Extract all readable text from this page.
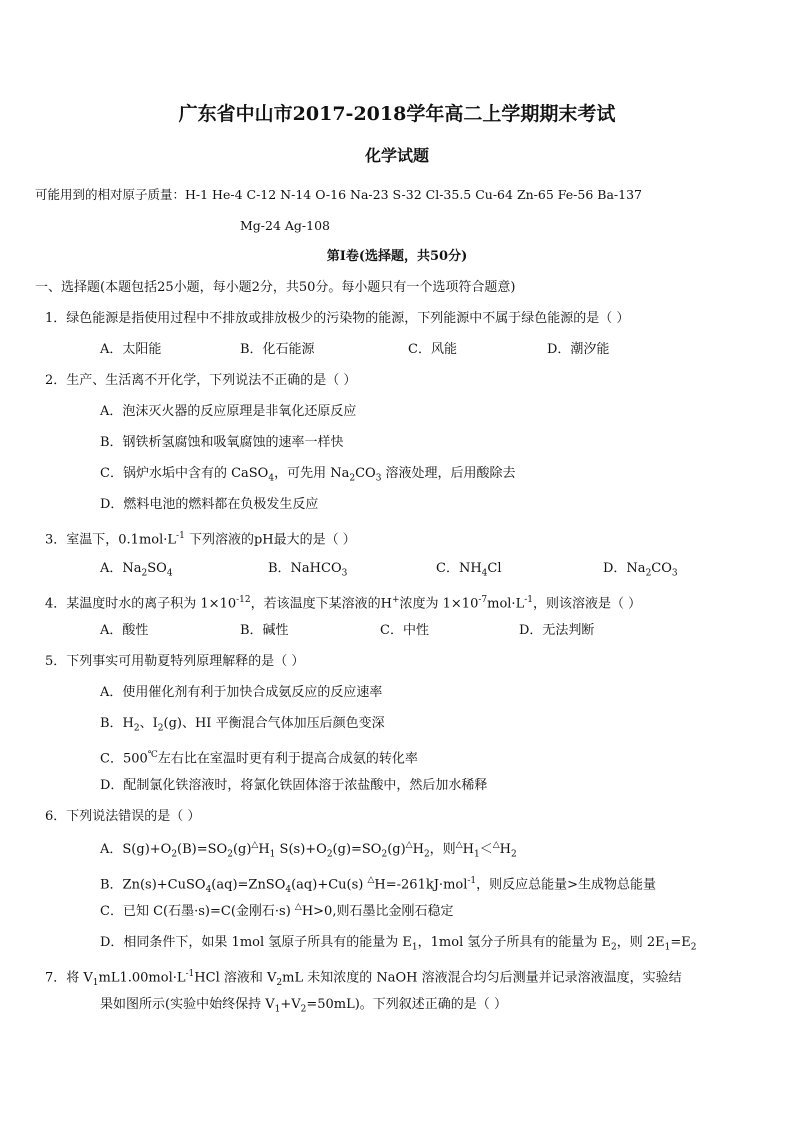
广东省中山市2017-2018学年高二上学期期末考试
化学试题
可能用到的相对原子质量：H-1 He-4 C-12 N-14 O-16 Na-23 S-32 Cl-35.5 Cu-64 Zn-65 Fe-56 Ba-137
Mg-24 Ag-108
第Ⅰ卷(选择题，共50分)
一、选择题(本题包括25小题，每小题2分，共50分。每小题只有一个选项符合题意)
1．绿色能源是指使用过程中不排放或排放极少的污染物的能源，下列能源中不属于绿色能源的是（ ）
A．太阳能	B．化石能源	C．风能	D．潮汐能
2．生产、生活离不开化学，下列说法不正确的是（ ）
A．泡沫灭火器的反应原理是非氧化还原反应
B．钢铁析氢腐蚀和吸氧腐蚀的速率一样快
C．锅炉水垢中含有的 CaSO$_4$，可先用 $Na_2CO_3$ 溶液处理，后用酸除去
D．燃料电池的燃料都在负极发生反应
3．室温下，$0.1mol\cdot L^{-1}$ 下列溶液的pH最大的是（ ）
A．$Na_2SO_4$	B．NaHCO$_3$	C．$NH_4Cl$	D．$Na_2CO_3$
4．某温度时水的离子积为 $1\times 10^{-12}$，若该温度下某溶液的H+浓度为 $1\times 10^{-7}mol\cdot L^{-1}$，则该溶液是（ ）
A．酸性	B．碱性	C．中性	D．无法判断
5．下列事实可用勒夏特列原理解释的是（ ）
A．使用催化剂有利于加快合成氨反应的反应速率
B．$H_2$、$I_2(g)$、HI 平衡混合气体加压后颜色变深
C．500℃左右比在室温时更有利于提高合成氨的转化率
D．配制氯化铁溶液时，将氯化铁固体溶于浓盐酸中，然后加水稀释
6．下列说法错误的是（ ）
A．$S(g)+O_2(B)=SO_2(g)^\triangle H_1$ $S(s)+O_2(g)=SO_2(g)^\triangle H_2$，则$^\triangle H_1<^\triangle H_2$
B．Zn(s)+CuSO$_4$(aq)=ZnSO$_4$(aq)+Cu(s) △H=-261kJ·mol$^{-1}$，则反应总能量>生成物总能量
C．已知 C(石墨·s)=C(金刚石·s) △H>0,则石墨比金刚石稳定
D．相同条件下，如果 1mol 氢原子所具有的能量为 $E_1$，1mol 氢分子所具有的能量为 $E_2$，则 $2E_1=E_2$
7．将 $V_1mL1.00mol\cdot L^{-1}HCl$ 溶液和 $V_2mL$ 未知浓度的 NaOH 溶液混合均匀后测量并记录溶液温度，实验结
果如图所示(实验中始终保持 $V_1+V_2=50mL$)。下列叙述正确的是（ ）
